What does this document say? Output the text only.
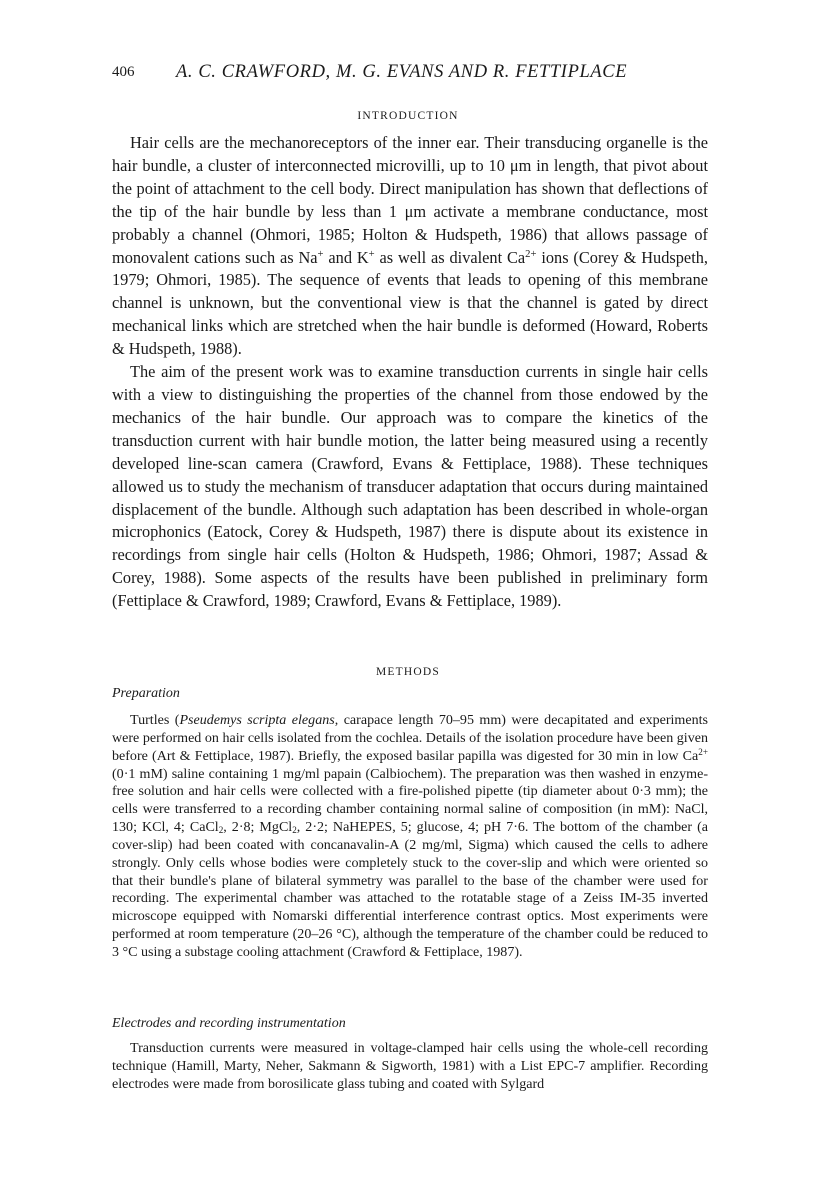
406 A. C. CRAWFORD, M. G. EVANS AND R. FETTIPLACE
INTRODUCTION

Hair cells are the mechanoreceptors of the inner ear. Their transducing organelle is the hair bundle, a cluster of interconnected microvilli, up to 10 μm in length, that pivot about the point of attachment to the cell body. Direct manipulation has shown that deflections of the tip of the hair bundle by less than 1 μm activate a membrane conductance, most probably a channel (Ohmori, 1985; Holton & Hudspeth, 1986) that allows passage of monovalent cations such as Na+ and K+ as well as divalent $Ca^{2+}$ ions (Corey & Hudspeth, 1979; Ohmori, 1985). The sequence of events that leads to opening of this membrane channel is unknown, but the conventional view is that the channel is gated by direct mechanical links which are stretched when the hair bundle is deformed (Howard, Roberts & Hudspeth, 1988).

The aim of the present work was to examine transduction currents in single hair cells with a view to distinguishing the properties of the channel from those endowed by the mechanics of the hair bundle. Our approach was to compare the kinetics of the transduction current with hair bundle motion, the latter being measured using a recently developed line-scan camera (Crawford, Evans & Fettiplace, 1988). These techniques allowed us to study the mechanism of transducer adaptation that occurs during maintained displacement of the bundle. Although such adaptation has been described in whole-organ microphonics (Eatock, Corey & Hudspeth, 1987) there is dispute about its existence in recordings from single hair cells (Holton & Hudspeth, 1986; Ohmori, 1987; Assad & Corey, 1988). Some aspects of the results have been published in preliminary form (Fettiplace & Crawford, 1989; Crawford, Evans & Fettiplace, 1989).

METHODS
Preparation

Turtles (Pseudemys scripta elegans, carapace length 70–95 mm) were decapitated and experiments were performed on hair cells isolated from the cochlea. Details of the isolation procedure have been given before (Art & Fettiplace, 1987). Briefly, the exposed basilar papilla was digested for 30 min in low $Ca^{2+}$ (0·1 mM) saline containing 1 mg/ml papain (Calbiochem). The preparation was then washed in enzyme-free solution and hair cells were collected with a fire-polished pipette (tip diameter about 0·3 mm); the cells were transferred to a recording chamber containing normal saline of composition (in mM): NaCl, 130; KCl, 4; CaCl$_2$, 2·8; MgCl$_2$, 2·2; NaHEPES, 5; glucose, 4; pH 7·6. The bottom of the chamber (a cover-slip) had been coated with concanavalin-A (2 mg/ml, Sigma) which caused the cells to adhere strongly. Only cells whose bodies were completely stuck to the cover-slip and which were oriented so that their bundle's plane of bilateral symmetry was parallel to the base of the chamber were used for recording. The experimental chamber was attached to the rotatable stage of a Zeiss IM-35 inverted microscope equipped with Nomarski differential interference contrast optics. Most experiments were performed at room temperature (20–26 °C), although the temperature of the chamber could be reduced to 3 °C using a substage cooling attachment (Crawford & Fettiplace, 1987).

Electrodes and recording instrumentation

Transduction currents were measured in voltage-clamped hair cells using the whole-cell recording technique (Hamill, Marty, Neher, Sakmann & Sigworth, 1981) with a List EPC-7 amplifier. Recording electrodes were made from borosilicate glass tubing and coated with Sylgard
